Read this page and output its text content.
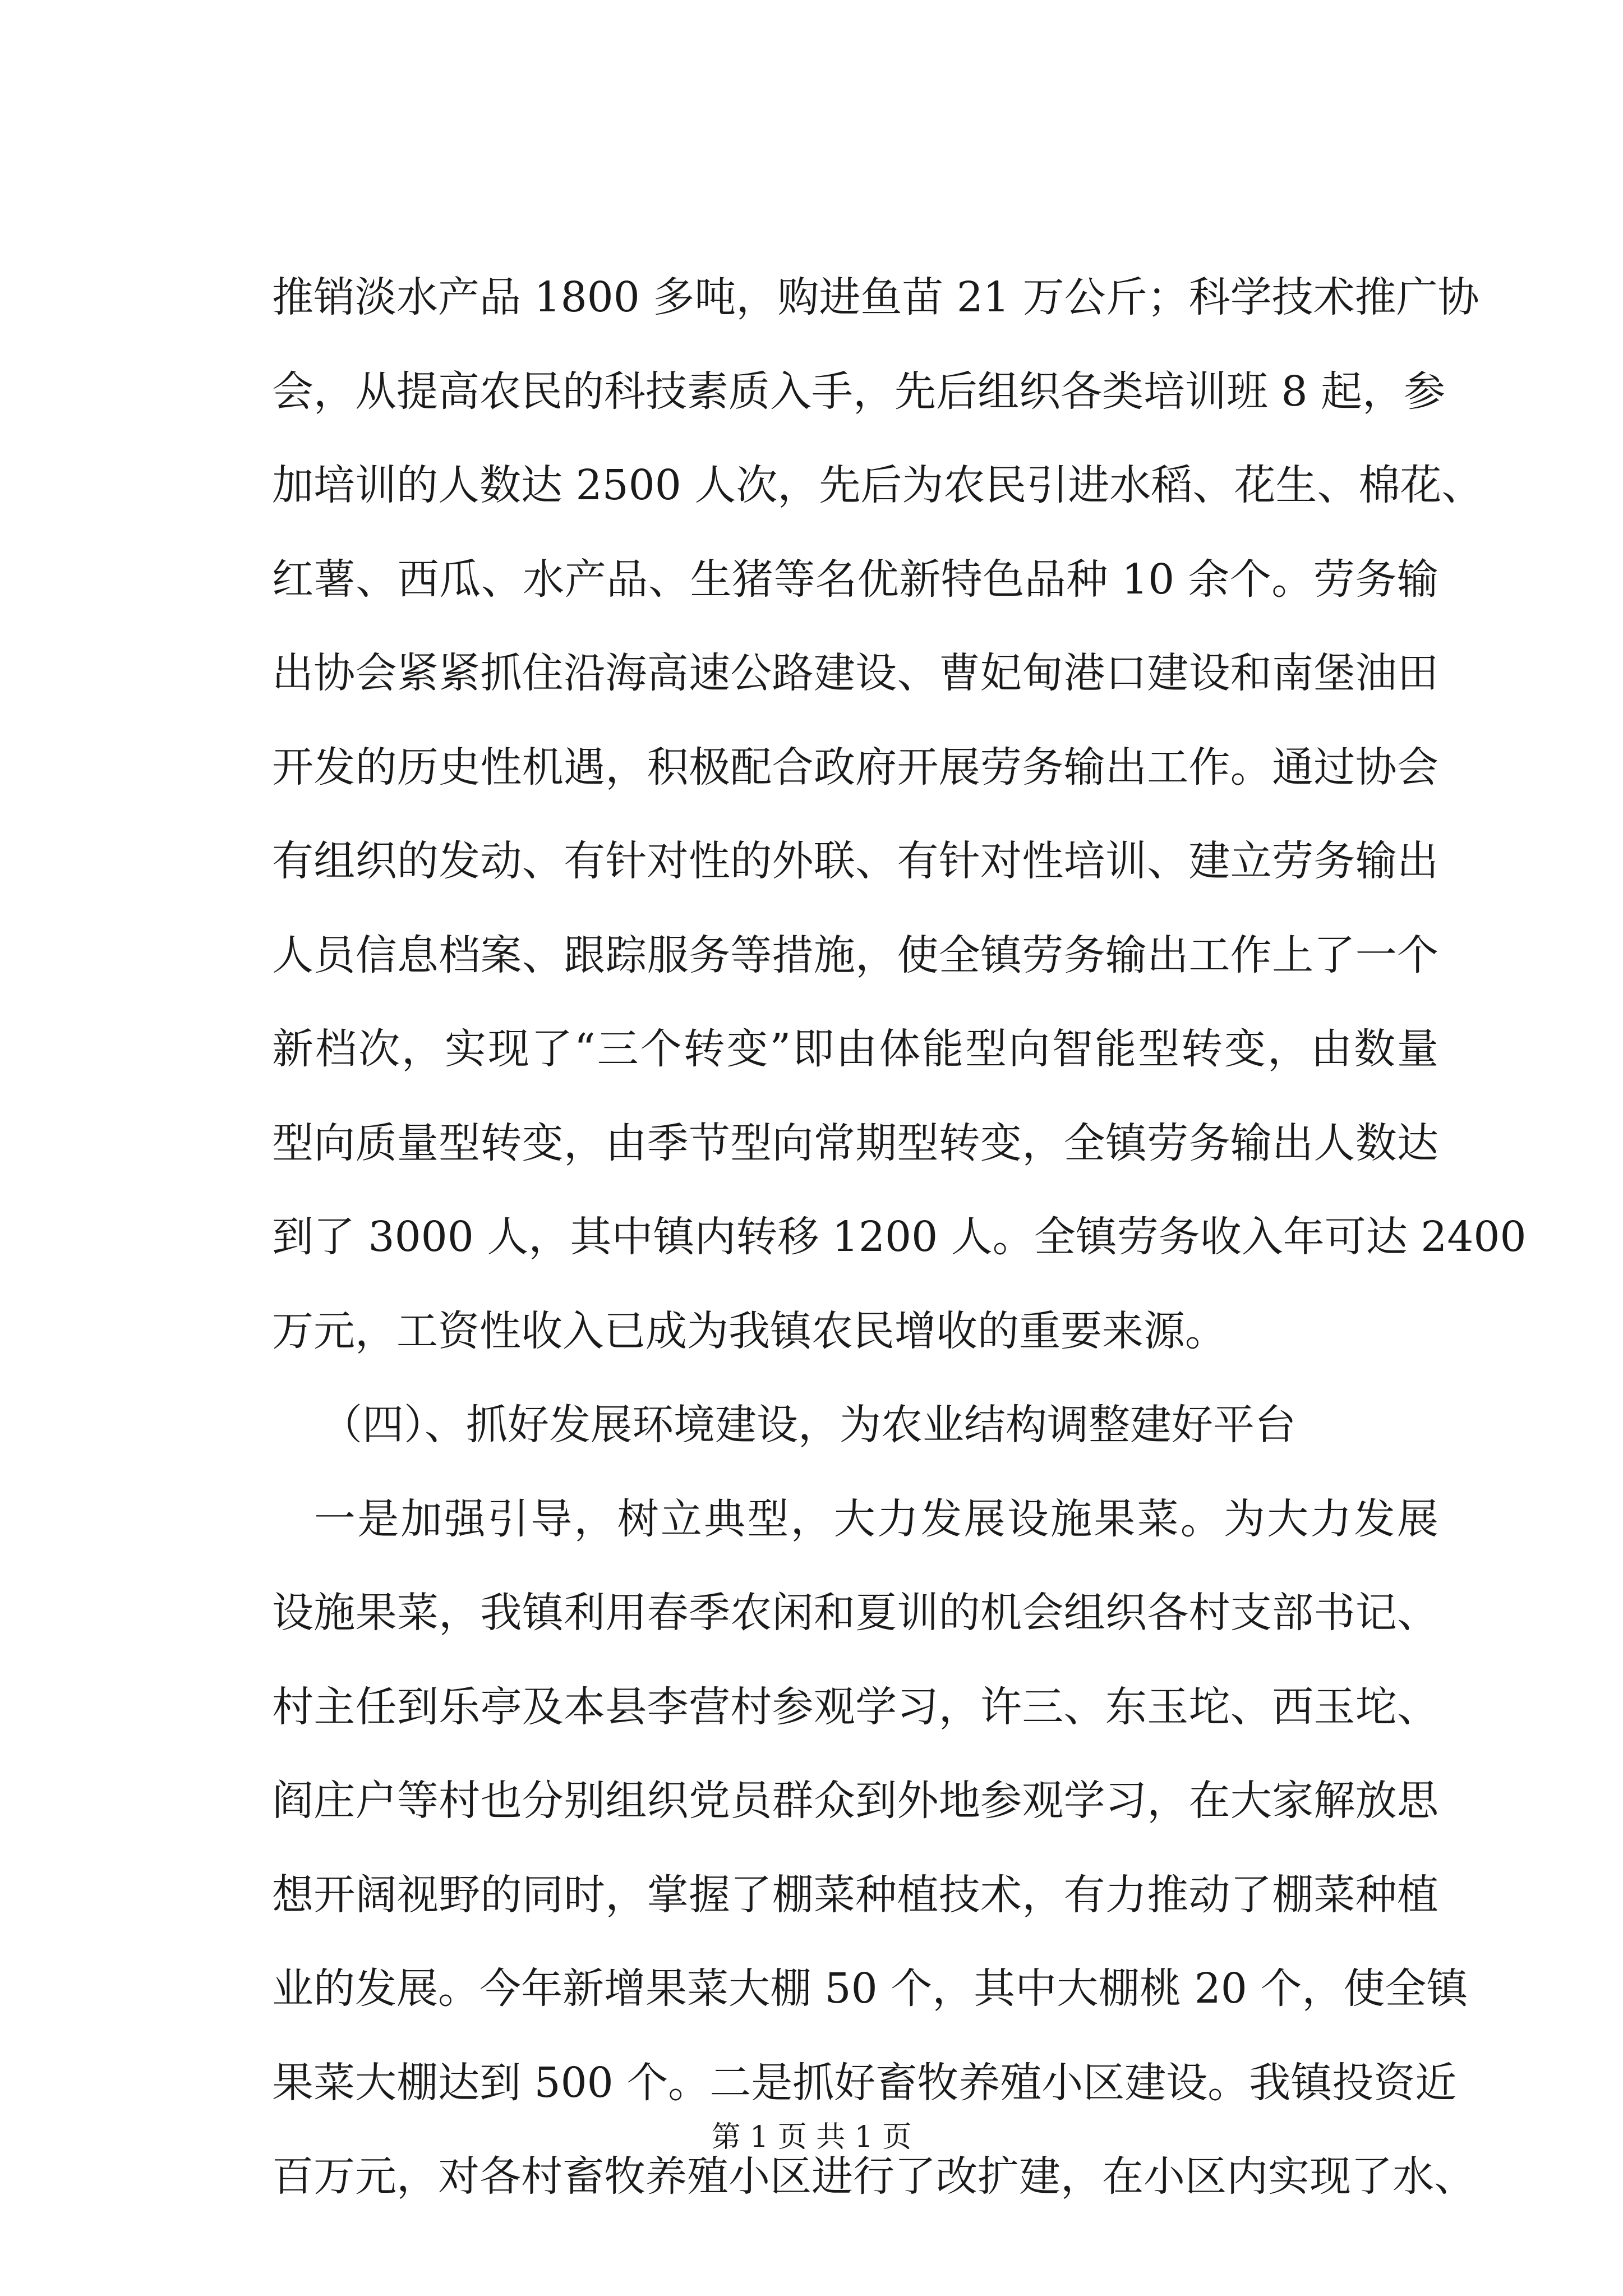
推销淡水产品 1800 多吨，购进鱼苗 21 万公斤；科学技术推广协
会，从提高农民的科技素质入手，先后组织各类培训班 8 起，参
加培训的人数达 2500 人次，先后为农民引进水稻、花生、棉花、
红薯、西瓜、水产品、生猪等名优新特色品种 10 余个。劳务输
出协会紧紧抓住沿海高速公路建设、曹妃甸港口建设和南堡油田
开发的历史性机遇，积极配合政府开展劳务输出工作。通过协会
有组织的发动、有针对性的外联、有针对性培训、建立劳务输出
人员信息档案、跟踪服务等措施，使全镇劳务输出工作上了一个
新档次，实现了“三个转变”即由体能型向智能型转变，由数量
型向质量型转变，由季节型向常期型转变，全镇劳务输出人数达
到了 3000 人，其中镇内转移 1200 人。全镇劳务收入年可达 2400
万元，工资性收入已成为我镇农民增收的重要来源。
（四）、抓好发展环境建设，为农业结构调整建好平台
一是加强引导，树立典型，大力发展设施果菜。为大力发展
设施果菜，我镇利用春季农闲和夏训的机会组织各村支部书记、
村主任到乐亭及本县李营村参观学习，许三、东玉坨、西玉坨、
阎庄户等村也分别组织党员群众到外地参观学习，在大家解放思
想开阔视野的同时，掌握了棚菜种植技术，有力推动了棚菜种植
业的发展。今年新增果菜大棚 50 个，其中大棚桃 20 个，使全镇
果菜大棚达到 500 个。二是抓好畜牧养殖小区建设。我镇投资近
百万元，对各村畜牧养殖小区进行了改扩建，在小区内实现了水、
第 1 页 共 1 页
